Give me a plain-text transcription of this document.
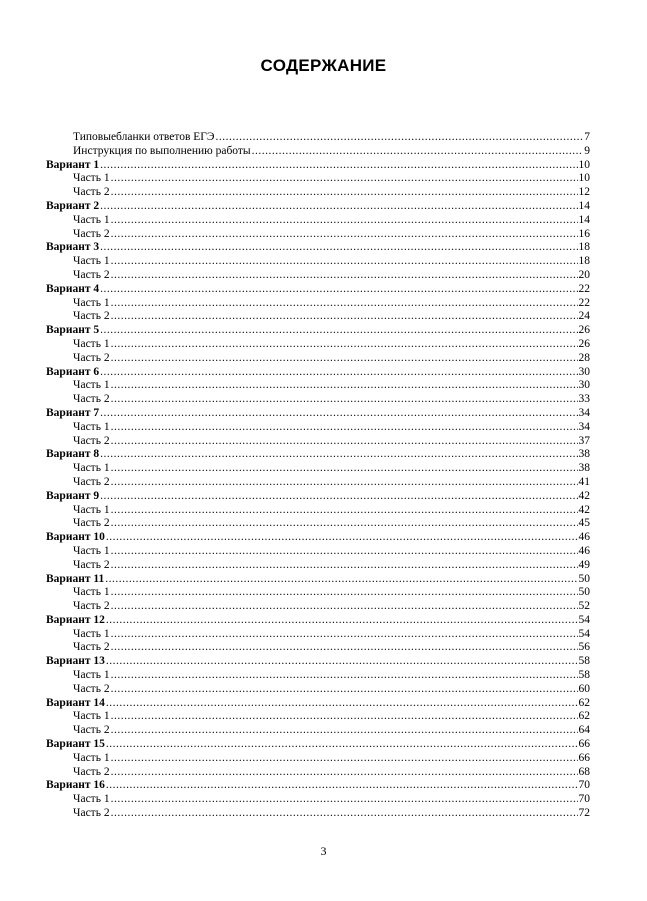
СОДЕРЖАНИЕ
Типовыебланки ответов ЕГЭ .....	7
Инструкция по выполнению работы .....	9
Вариант 1 .....	10
Часть 1 .....	10
Часть 2 .....	12
Вариант 2 .....	14
Часть 1 .....	14
Часть 2 .....	16
Вариант 3 .....	18
Часть 1 .....	18
Часть 2 .....	20
Вариант 4 .....	22
Часть 1 .....	22
Часть 2 .....	24
Вариант 5 .....	26
Часть 1 .....	26
Часть 2 .....	28
Вариант 6 .....	30
Часть 1 .....	30
Часть 2 .....	33
Вариант 7 .....	34
Часть 1 .....	34
Часть 2 .....	37
Вариант 8 .....	38
Часть 1 .....	38
Часть 2 .....	41
Вариант 9 .....	42
Часть 1 .....	42
Часть 2 .....	45
Вариант 10 .....	46
Часть 1 .....	46
Часть 2 .....	49
Вариант 11 .....	50
Часть 1 .....	50
Часть 2 .....	52
Вариант 12 .....	54
Часть 1 .....	54
Часть 2 .....	56
Вариант 13 .....	58
Часть 1 .....	58
Часть 2 .....	60
Вариант 14 .....	62
Часть 1 .....	62
Часть 2 .....	64
Вариант 15 .....	66
Часть 1 .....	66
Часть 2 .....	68
Вариант 16 .....	70
Часть 1 .....	70
Часть 2 .....	72
3
